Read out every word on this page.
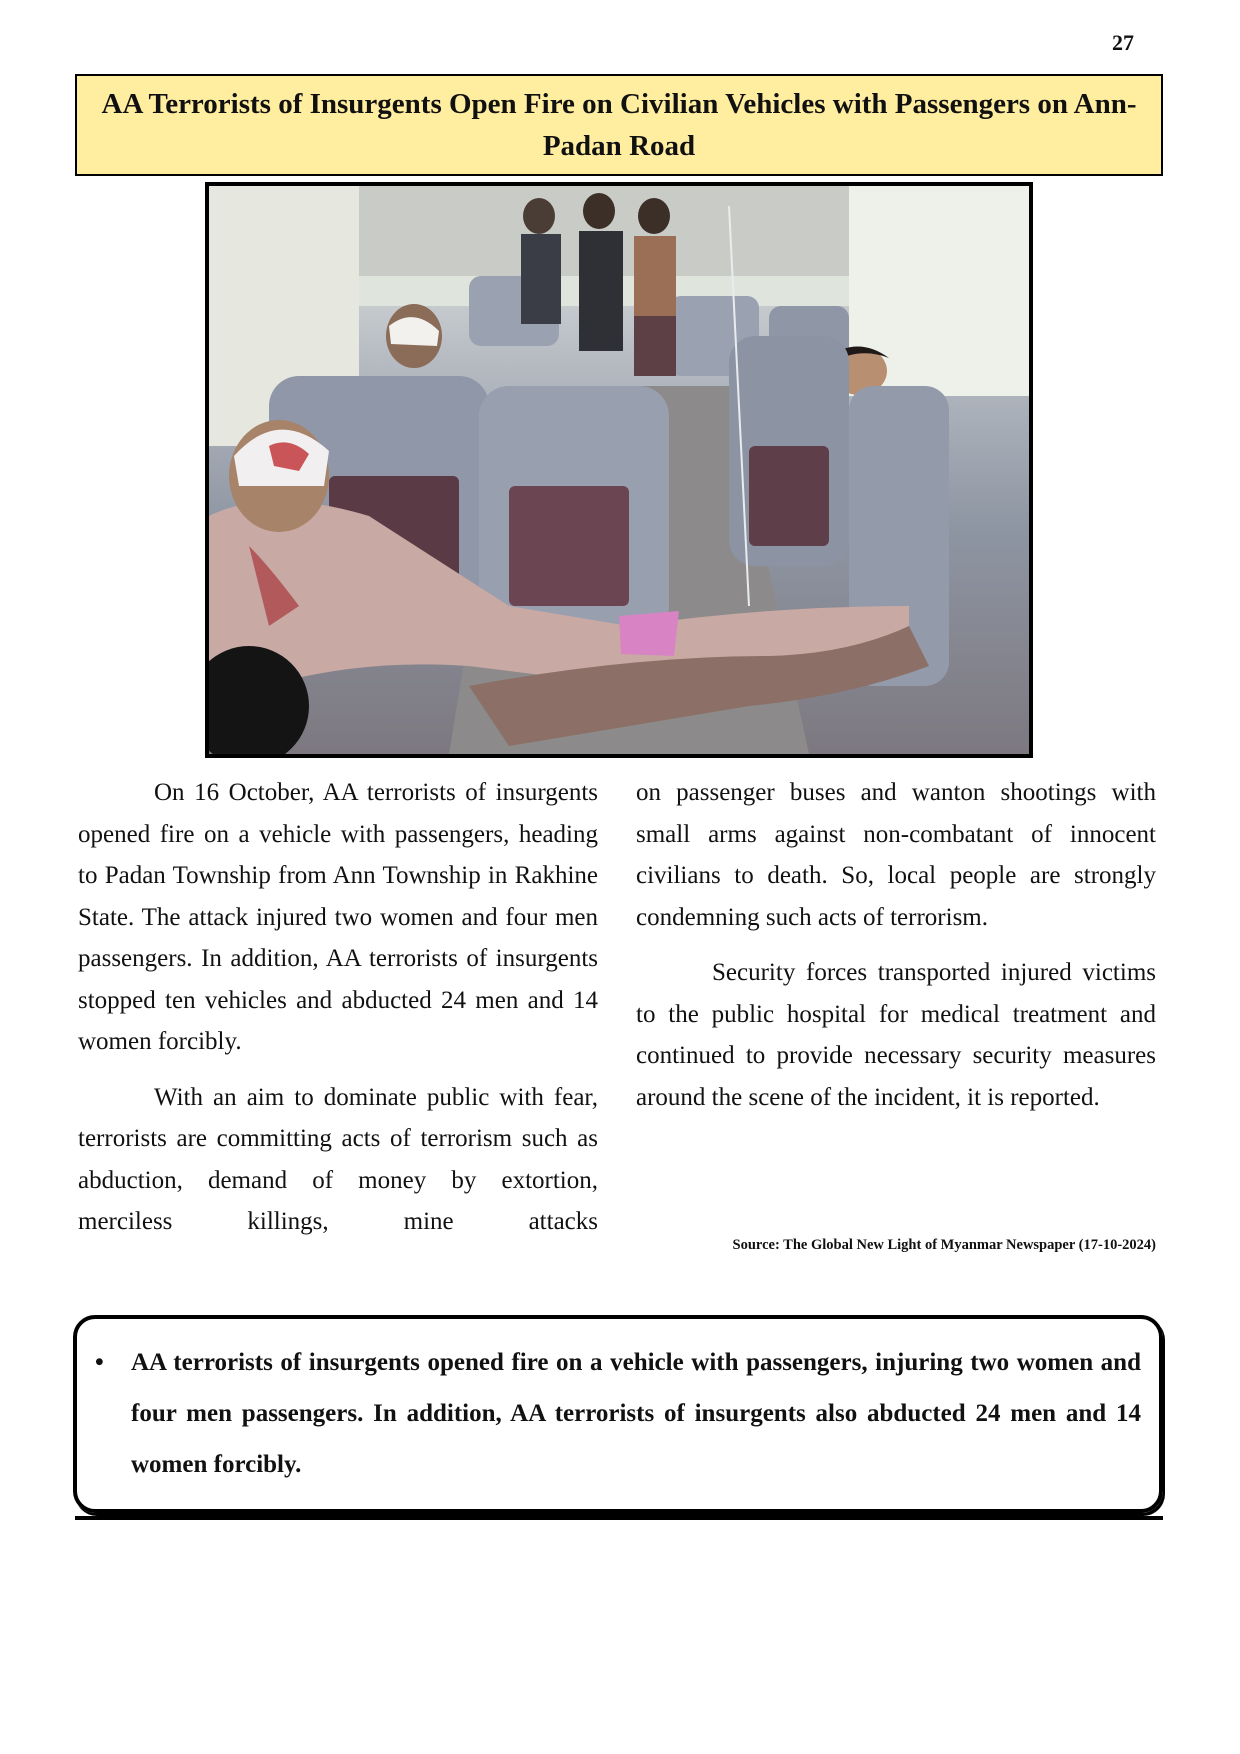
27
AA Terrorists of Insurgents Open Fire on Civilian Vehicles with Passengers on Ann-Padan Road

On 16 October, AA terrorists of insurgents opened fire on a vehicle with passengers, heading to Padan Township from Ann Township in Rakhine State. The attack injured two women and four men passengers. In addition, AA terrorists of insurgents stopped ten vehicles and abducted 24 men and 14 women forcibly.

With an aim to dominate public with fear, terrorists are committing acts of terrorism such as abduction, demand of money by extortion, merciless killings, mine attacks

on passenger buses and wanton shootings with small arms against non-combatant of innocent civilians to death. So, local people are strongly condemning such acts of terrorism.

Security forces transported injured victims to the public hospital for medical treatment and continued to provide necessary security measures around the scene of the incident, it is reported.

Source: The Global New Light of Myanmar Newspaper (17-10-2024)
• AA terrorists of insurgents opened fire on a vehicle with passengers, injuring two women and four men passengers. In addition, AA terrorists of insurgents also abducted 24 men and 14 women forcibly.
